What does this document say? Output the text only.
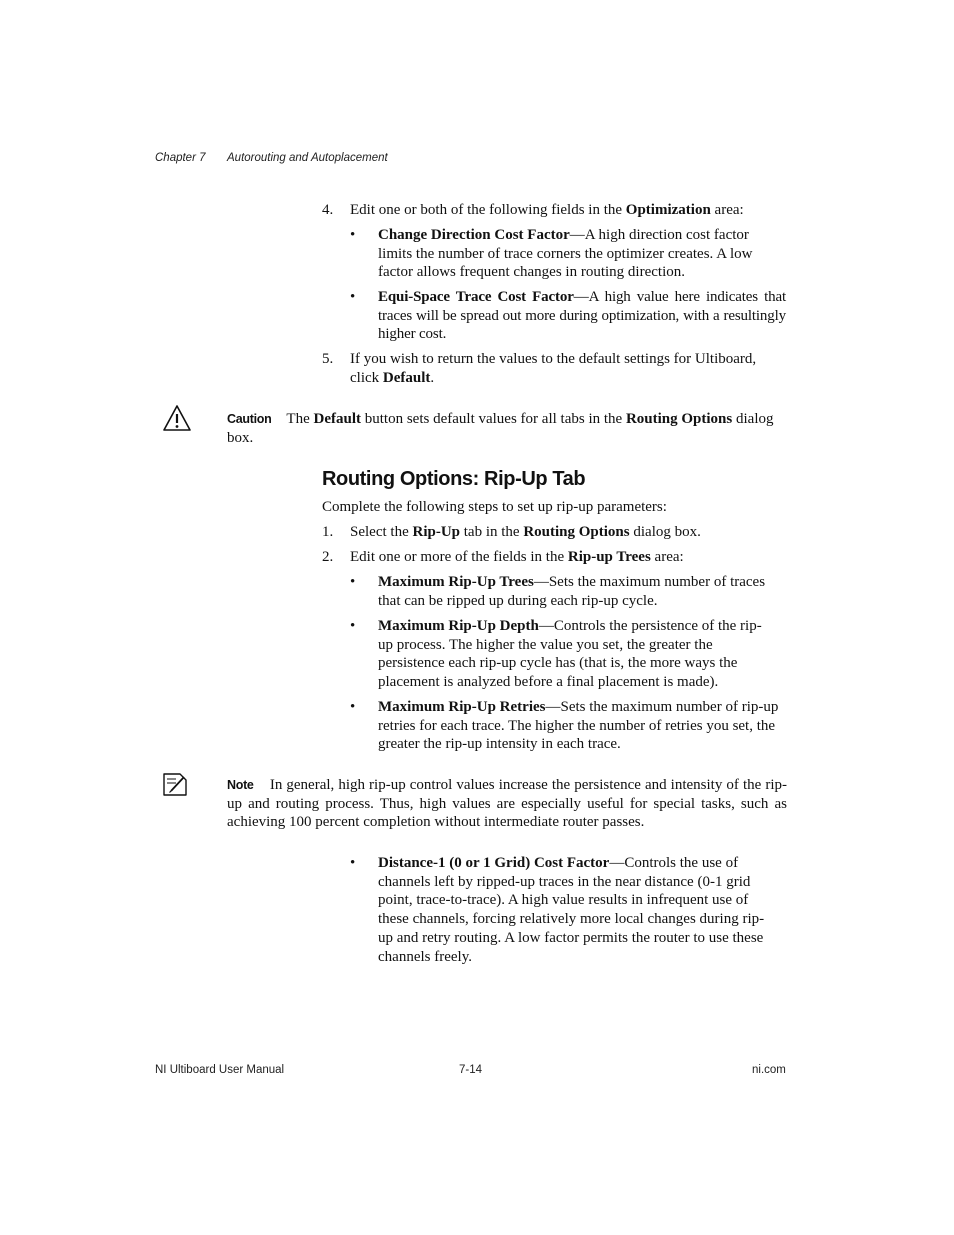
Chapter 7 Autorouting and Autoplacement
4.	Edit one or both of the following fields in the Optimization area:
•	Change Direction Cost Factor—A high direction cost factor limits the number of trace corners the optimizer creates. A low factor allows frequent changes in routing direction.
•	Equi-Space Trace Cost Factor—A high value here indicates that traces will be spread out more during optimization, with a resultingly higher cost.
5.	If you wish to return the values to the default settings for Ultiboard, click Default.
Caution The Default button sets default values for all tabs in the Routing Options dialog box.
Routing Options: Rip-Up Tab
Complete the following steps to set up rip-up parameters:
1.	Select the Rip-Up tab in the Routing Options dialog box.
2.	Edit one or more of the fields in the Rip-up Trees area:
•	Maximum Rip-Up Trees—Sets the maximum number of traces that can be ripped up during each rip-up cycle.
•	Maximum Rip-Up Depth—Controls the persistence of the rip-up process. The higher the value you set, the greater the persistence each rip-up cycle has (that is, the more ways the placement is analyzed before a final placement is made).
•	Maximum Rip-Up Retries—Sets the maximum number of rip-up retries for each trace. The higher the number of retries you set, the greater the rip-up intensity in each trace.
Note In general, high rip-up control values increase the persistence and intensity of the rip-up and routing process. Thus, high values are especially useful for special tasks, such as achieving 100 percent completion without intermediate router passes.
•	Distance-1 (0 or 1 Grid) Cost Factor—Controls the use of channels left by ripped-up traces in the near distance (0-1 grid point, trace-to-trace). A high value results in infrequent use of these channels, forcing relatively more local changes during rip-up and retry routing. A low factor permits the router to use these channels freely.
NI Ultiboard User Manual	7-14	ni.com
